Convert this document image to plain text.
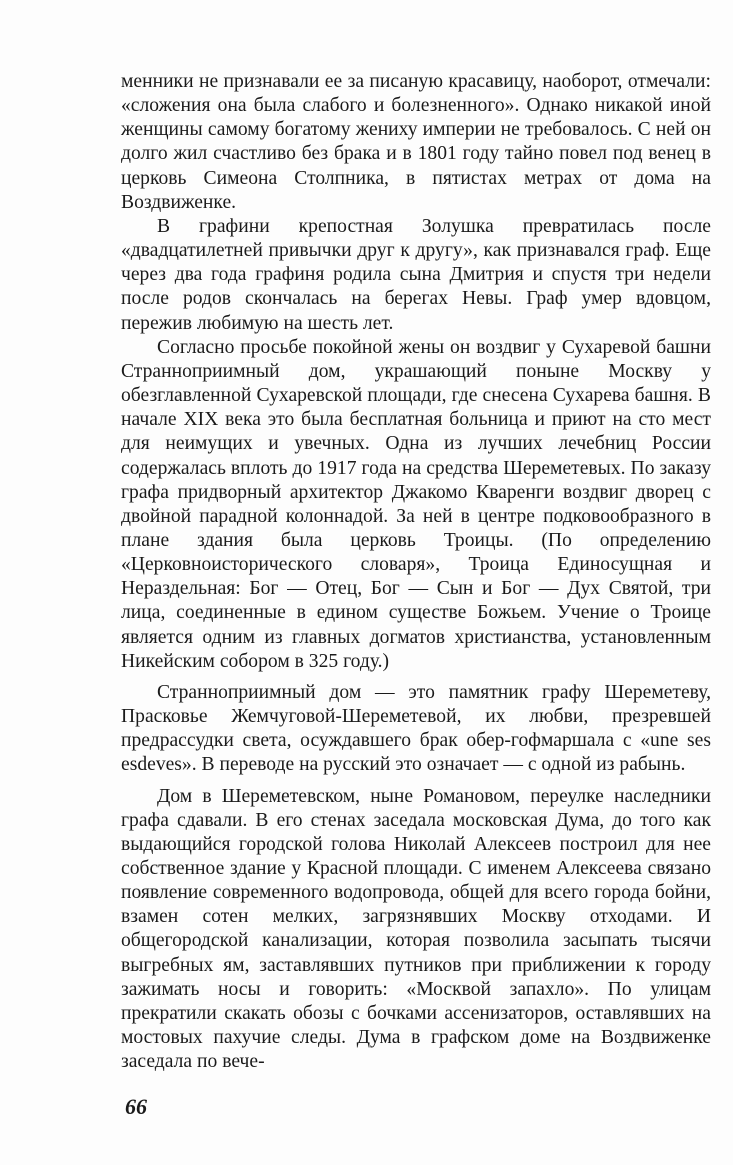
менники не признавали ее за писаную красавицу, наоборот, отмечали: «сложения она была слабого и болезненного». Однако никакой иной женщины самому богатому жениху империи не требовалось. С ней он долго жил счастливо без брака и в 1801 году тайно повел под венец в церковь Симеона Столпника, в пятистах метрах от дома на Воздвиженке.

В графини крепостная Золушка превратилась после «двадцатилетней привычки друг к другу», как признавался граф. Еще через два года графиня родила сына Дмитрия и спустя три недели после родов скончалась на берегах Невы. Граф умер вдовцом, пережив любимую на шесть лет.

Согласно просьбе покойной жены он воздвиг у Сухаревой башни Странноприимный дом, украшающий поныне Москву у обезглавленной Сухаревской площади, где снесена Сухарева башня. В начале XIX века это была бесплатная больница и приют на сто мест для неимущих и увечных. Одна из лучших лечебниц России содержалась вплоть до 1917 года на средства Шереметевых. По заказу графа придворный архитектор Джакомо Кваренги воздвиг дворец с двойной парадной колоннадой. За ней в центре подковообразного в плане здания была церковь Троицы. (По определению «Церковноисторического словаря», Троица Единосущная и Нераздельная: Бог — Отец, Бог — Сын и Бог — Дух Святой, три лица, соединенные в едином существе Божьем. Учение о Троице является одним из главных догматов христианства, установленным Никейским собором в 325 году.)

Странноприимный дом — это памятник графу Шереметеву, Прасковье Жемчуговой-Шереметевой, их любви, презревшей предрассудки света, осуждавшего брак обер-гофмаршала с «une ses esdeves». В переводе на русский это означает — с одной из рабынь.

Дом в Шереметевском, ныне Романовом, переулке наследники графа сдавали. В его стенах заседала московская Дума, до того как выдающийся городской голова Николай Алексеев построил для нее собственное здание у Красной площади. С именем Алексеева связано появление современного водопровода, общей для всего города бойни, взамен сотен мелких, загрязнявших Москву отходами. И общегородской канализации, которая позволила засыпать тысячи выгребных ям, заставлявших путников при приближении к городу зажимать носы и говорить: «Москвой запахло». По улицам прекратили скакать обозы с бочками ассенизаторов, оставлявших на мостовых пахучие следы. Дума в графском доме на Воздвиженке заседала по вече-

66
